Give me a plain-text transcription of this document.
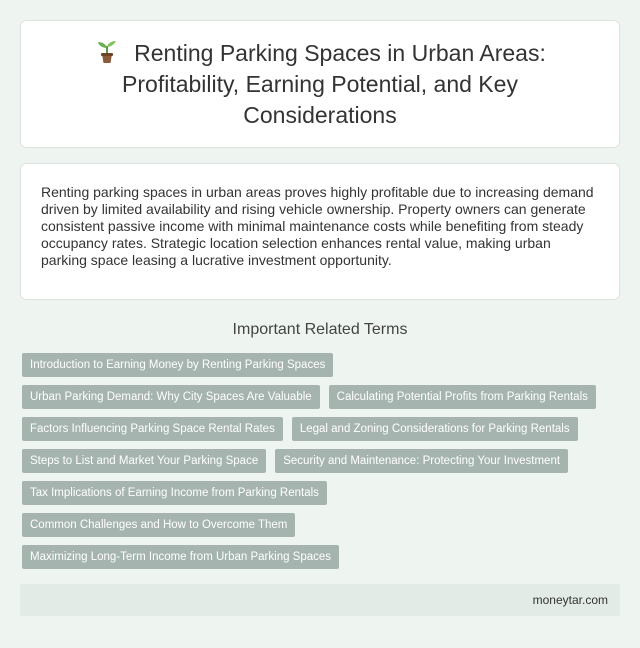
Renting Parking Spaces in Urban Areas: Profitability, Earning Potential, and Key Considerations

Renting parking spaces in urban areas proves highly profitable due to increasing demand driven by limited availability and rising vehicle ownership. Property owners can generate consistent passive income with minimal maintenance costs while benefiting from steady occupancy rates. Strategic location selection enhances rental value, making urban parking space leasing a lucrative investment opportunity.

Important Related Terms
Introduction to Earning Money by Renting Parking Spaces
Urban Parking Demand: Why City Spaces Are Valuable	Calculating Potential Profits from Parking Rentals
Factors Influencing Parking Space Rental Rates	Legal and Zoning Considerations for Parking Rentals
Steps to List and Market Your Parking Space	Security and Maintenance: Protecting Your Investment
Tax Implications of Earning Income from Parking Rentals
Common Challenges and How to Overcome Them
Maximizing Long-Term Income from Urban Parking Spaces
moneytar.com
